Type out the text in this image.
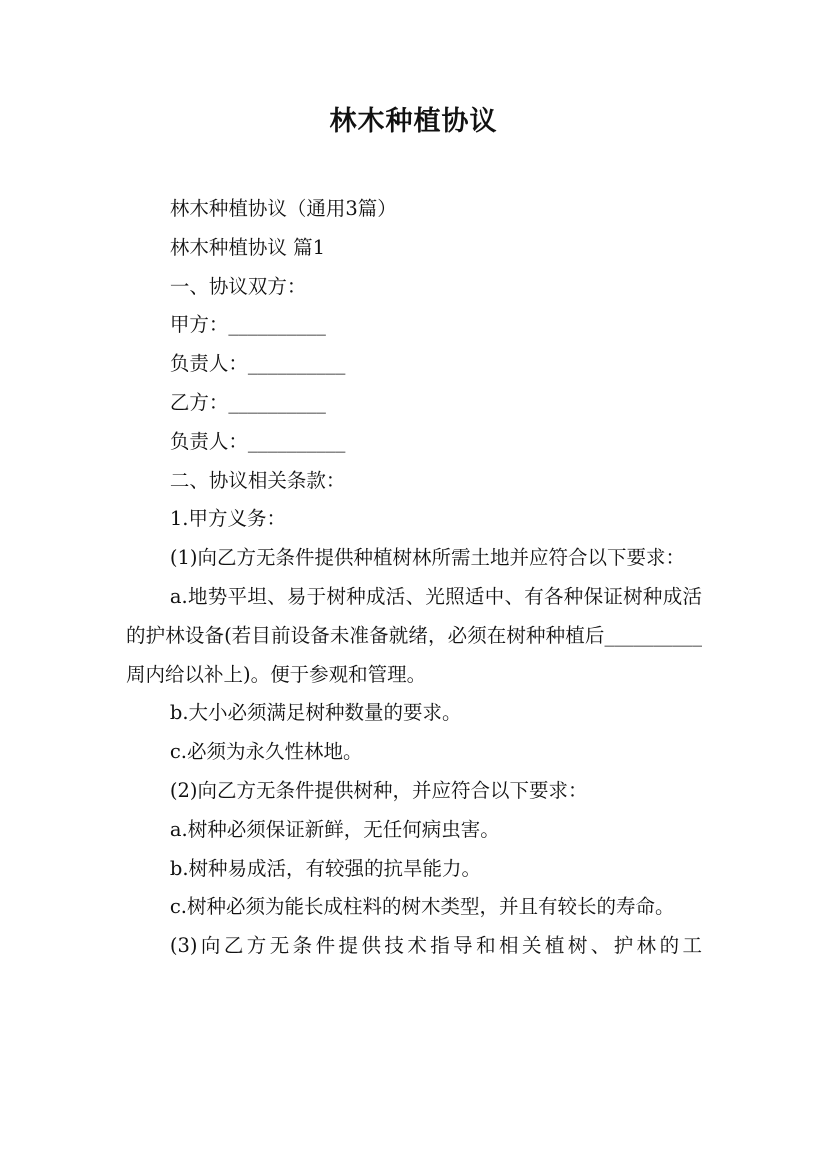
林木种植协议

林木种植协议（通用3篇）

林木种植协议 篇1

一、协议双方：

甲方：__________

负责人：__________

乙方：__________

负责人：__________

二、协议相关条款：

1.甲方义务：

(1)向乙方无条件提供种植树林所需土地并应符合以下要求：

a.地势平坦、易于树种成活、光照适中、有各种保证树种成活的护林设备(若目前设备未准备就绪，必须在树种种植后__________周内给以补上)。便于参观和管理。

b.大小必须满足树种数量的要求。

c.必须为永久性林地。

(2)向乙方无条件提供树种，并应符合以下要求：

a.树种必须保证新鲜，无任何病虫害。

b.树种易成活，有较强的抗旱能力。

c.树种必须为能长成柱料的树木类型，并且有较长的寿命。

(3)向乙方无条件提供技术指导和相关植树、护林的工
